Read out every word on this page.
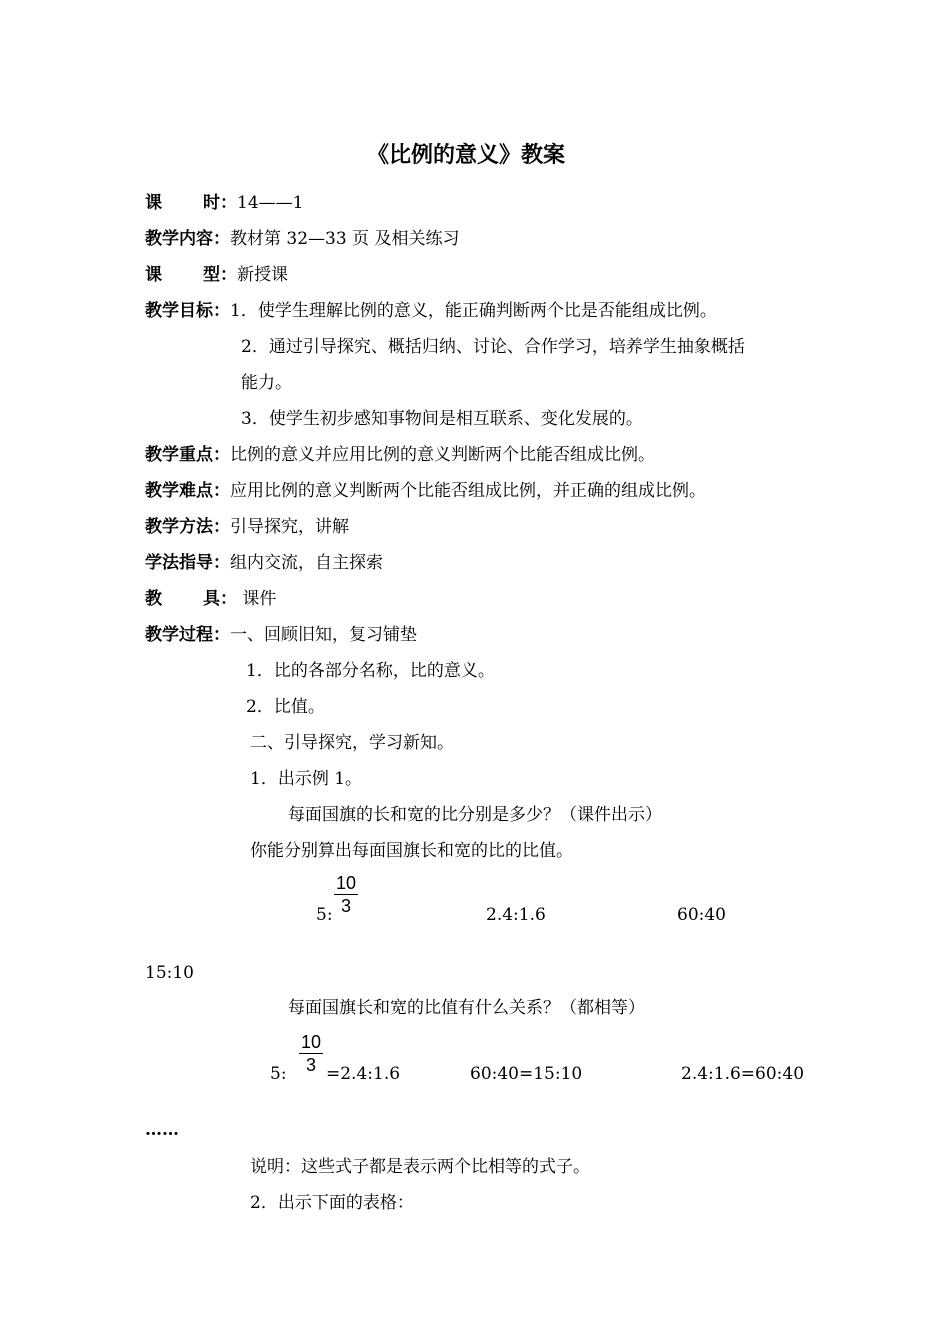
《比例的意义》教案
课 时：14——1
教学内容：教材第 32—33 页 及相关练习
课 型：新授课
教学目标：1．使学生理解比例的意义，能正确判断两个比是否能组成比例。
2．通过引导探究、概括归纳、讨论、合作学习，培养学生抽象概括
能力。
3．使学生初步感知事物间是相互联系、变化发展的。
教学重点：比例的意义并应用比例的意义判断两个比能否组成比例。
教学难点：应用比例的意义判断两个比能否组成比例，并正确的组成比例。
教学方法：引导探究，讲解
学法指导：组内交流，自主探索
教 具： 课件
教学过程：一、回顾旧知，复习铺垫
1．比的各部分名称，比的意义。
2．比值。
二、引导探究，学习新知。
1．出示例 1。
每面国旗的长和宽的比分别是多少？（课件出示）
你能分别算出每面国旗长和宽的比的比值。
5:
10
3	2.4:1.6	60:40
15:10
每面国旗长和宽的比值有什么关系？（都相等）
5:
10
3 =2.4:1.6	60:40=15:10	2.4:1.6=60:40
……
说明：这些式子都是表示两个比相等的式子。
2．出示下面的表格：
